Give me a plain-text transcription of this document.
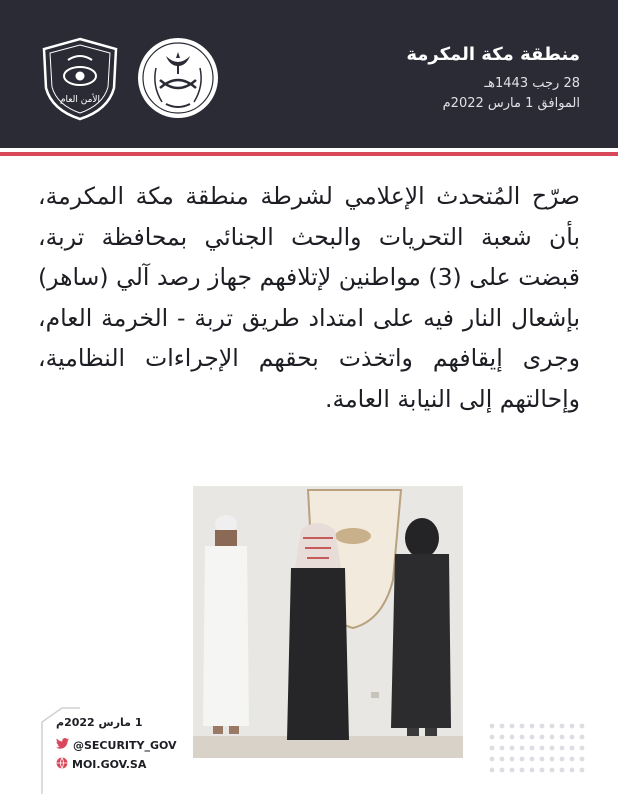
الأمن العام
منطقة مكة المكرمة
28 رجب 1443هـ
الموافق 1 مارس 2022م
صرّح المُتحدث الإعلامي لشرطة منطقة مكة المكرمة، بأن شعبة التحريات والبحث الجنائي بمحافظة تربة، قبضت على (3) مواطنين لإتلافهم جهاز رصد آلي (ساهر) بإشعال النار فيه على امتداد طريق تربة - الخرمة العام، وجرى إيقافهم واتخذت بحقهم الإجراءات النظامية، وإحالتهم إلى النيابة العامة.
1 مارس 2022م
@SECURITY_GOV
MOI.GOV.SA
